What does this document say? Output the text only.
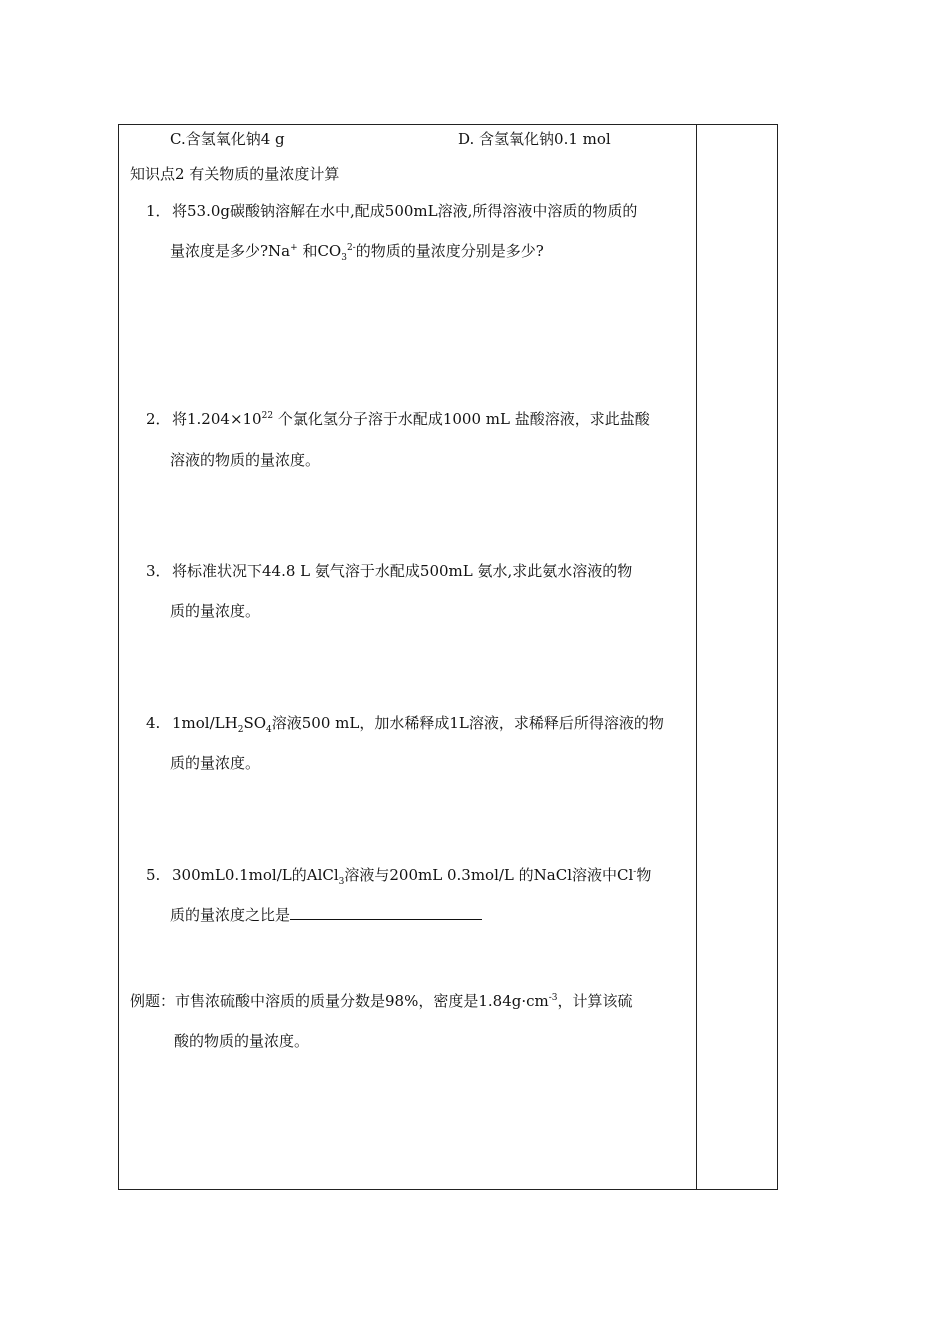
C.含氢氧化钠4 g	D. 含氢氧化钠0.1 mol
知识点2 有关物质的量浓度计算
1． 将53.0g碳酸钠溶解在水中,配成500mL溶液,所得溶液中溶质的物质的
量浓度是多少?Na+ 和$CO_3^{2-}$的物质的量浓度分别是多少?
2． 将$1.204\times 10^{22}$ 个氯化氢分子溶于水配成1000 mL 盐酸溶液，求此盐酸
溶液的物质的量浓度。
3． 将标准状况下44.8 L 氨气溶于水配成500mL 氨水,求此氨水溶液的物
质的量浓度。
4. $1mol/LH_2SO_4$溶液500 mL，加水稀释成1L溶液，求稀释后所得溶液的物
质的量浓度。
5. 300mL0.1mol/L的AlCl$_3$溶液与200mL 0.3mol/L 的NaCl溶液中Cl-物
质的量浓度之比是
例题：市售浓硫酸中溶质的质量分数是98%，密度是$1.84g\cdot cm^{-3}$，计算该硫
酸的物质的量浓度。
